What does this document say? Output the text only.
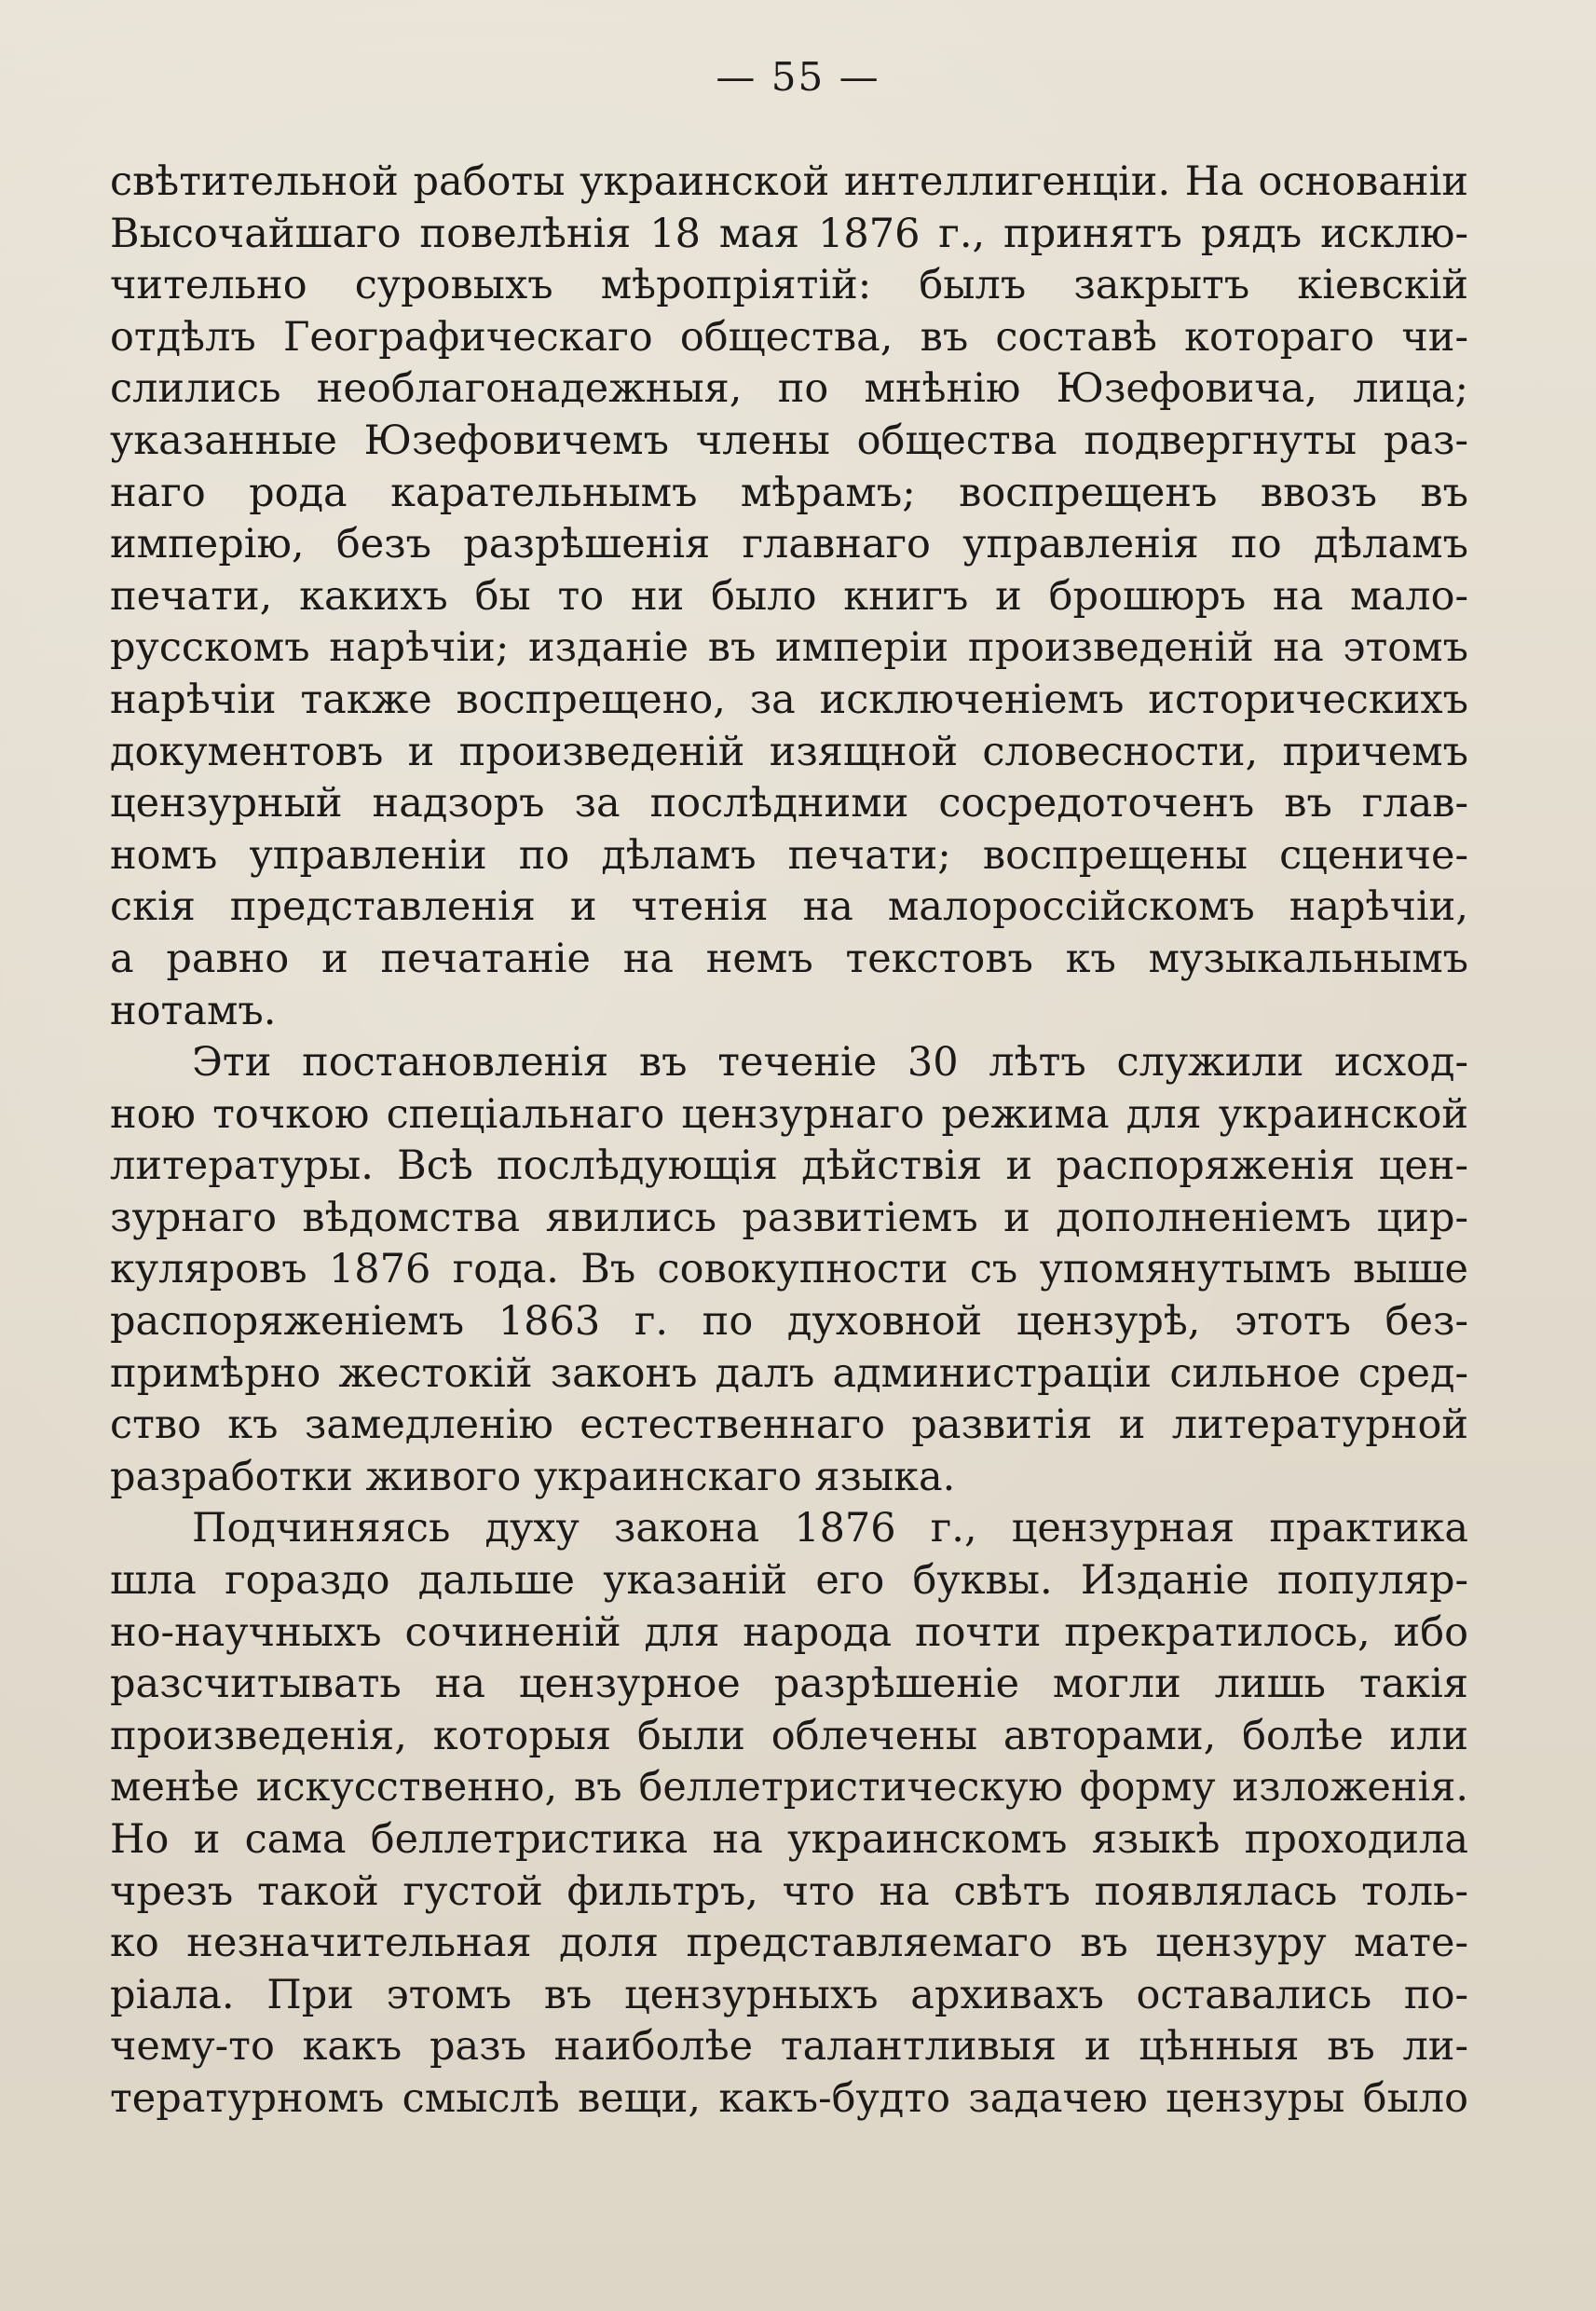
— 55 —
свѣтительной работы украинской интеллигенціи. На основаніи
Высочайшаго повелѣнія 18 мая 1876 г., принятъ рядъ исклю-
чительно суровыхъ мѣропріятій: былъ закрытъ кіевскій
отдѣлъ Географическаго общества, въ составѣ котораго чи-
слились необлагонадежныя, по мнѣнію Юзефовича, лица;
указанные Юзефовичемъ члены общества подвергнуты раз-
наго рода карательнымъ мѣрамъ; воспрещенъ ввозъ въ
имперію, безъ разрѣшенія главнаго управленія по дѣламъ
печати, какихъ бы то ни было книгъ и брошюръ на мало-
русскомъ нарѣчіи; изданіе въ имперіи произведеній на этомъ
нарѣчіи также воспрещено, за исключеніемъ историческихъ
документовъ и произведеній изящной словесности, причемъ
цензурный надзоръ за послѣдними сосредоточенъ въ глав-
номъ управленіи по дѣламъ печати; воспрещены сцениче-
скія представленія и чтенія на малороссійскомъ нарѣчіи,
а равно и печатаніе на немъ текстовъ къ музыкальнымъ
нотамъ.
Эти постановленія въ теченіе 30 лѣтъ служили исход-
ною точкою спеціальнаго цензурнаго режима для украинской
литературы. Всѣ послѣдующія дѣйствія и распоряженія цен-
зурнаго вѣдомства явились развитіемъ и дополненіемъ цир-
куляровъ 1876 года. Въ совокупности съ упомянутымъ выше
распоряженіемъ 1863 г. по духовной цензурѣ, этотъ без-
примѣрно жестокій законъ далъ администраціи сильное сред-
ство къ замедленію естественнаго развитія и литературной
разработки живого украинскаго языка.
Подчиняясь духу закона 1876 г., цензурная практика
шла гораздо дальше указаній его буквы. Изданіе популяр-
но-научныхъ сочиненій для народа почти прекратилось, ибо
разсчитывать на цензурное разрѣшеніе могли лишь такія
произведенія, которыя были облечены авторами, болѣе или
менѣе искусственно, въ беллетристическую форму изложенія.
Но и сама беллетристика на украинскомъ языкѣ проходила
чрезъ такой густой фильтръ, что на свѣтъ появлялась толь-
ко незначительная доля представляемаго въ цензуру мате-
ріала. При этомъ въ цензурныхъ архивахъ оставались по-
чему-то какъ разъ наиболѣе талантливыя и цѣнныя въ ли-
тературномъ смыслѣ вещи, какъ-будто задачею цензуры было
